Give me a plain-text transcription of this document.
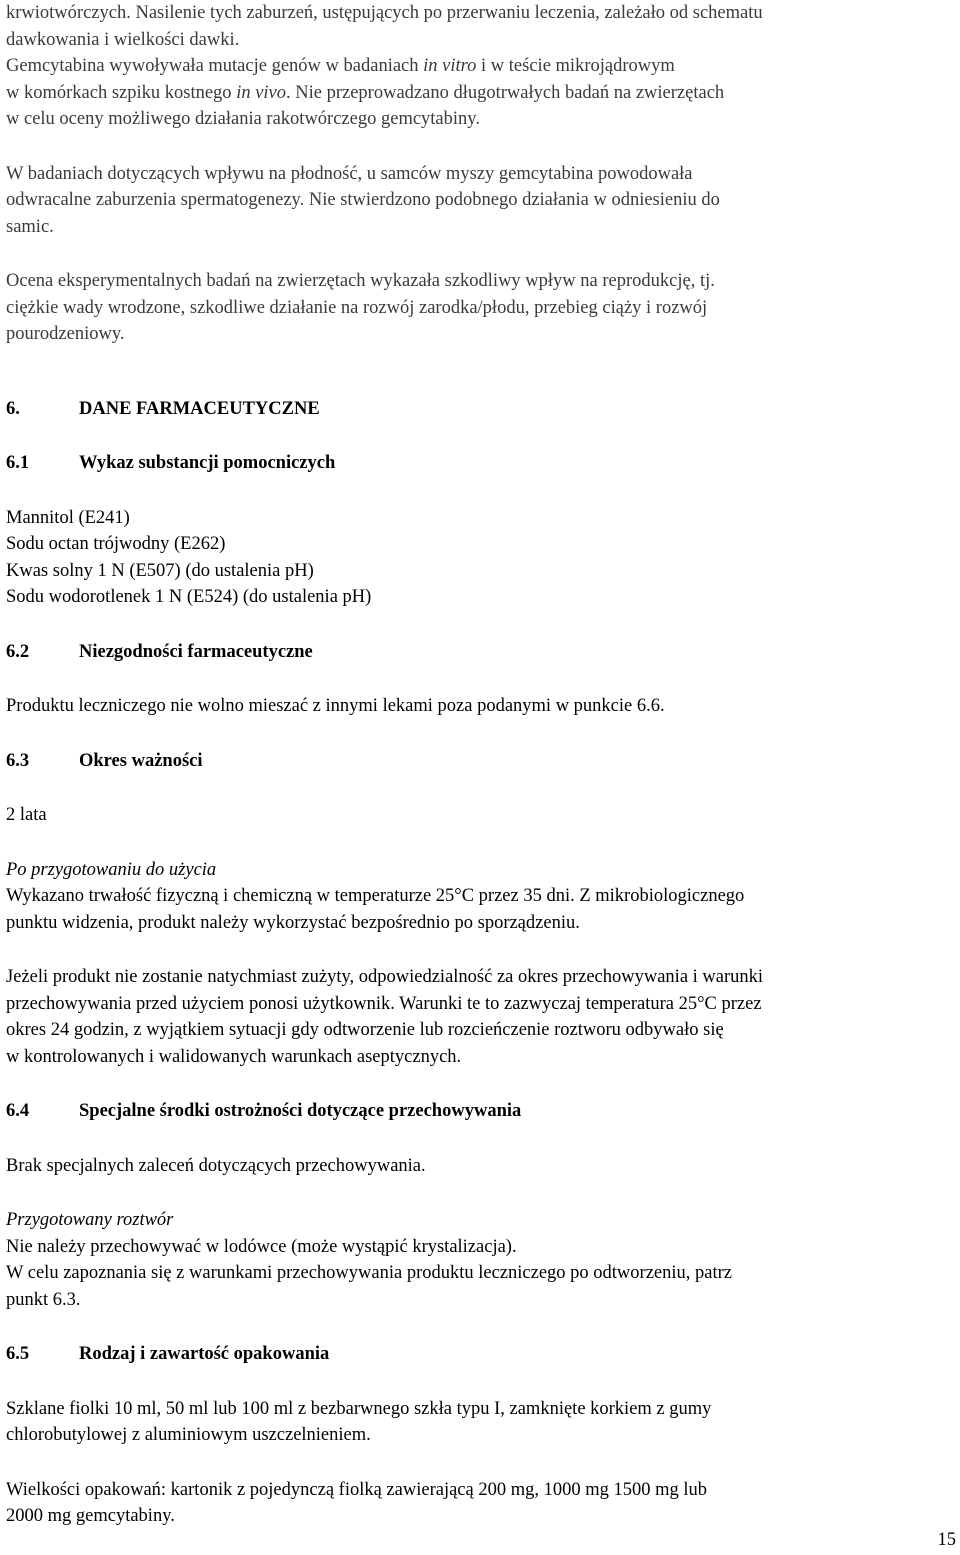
krwiotwórczych. Nasilenie tych zaburzeń, ustępujących po przerwaniu leczenia, zależało od schematu
dawkowania i wielkości dawki.
Gemcytabina wywoływała mutacje genów w badaniach in vitro i w teście mikrojądrowym
w komórkach szpiku kostnego in vivo. Nie przeprowadzano długotrwałych badań na zwierzętach
w celu oceny możliwego działania rakotwórczego gemcytabiny.

W badaniach dotyczących wpływu na płodność, u samców myszy gemcytabina powodowała
odwracalne zaburzenia spermatogenezy. Nie stwierdzono podobnego działania w odniesieniu do
samic.

Ocena eksperymentalnych badań na zwierzętach wykazała szkodliwy wpływ na reprodukcję, tj.
ciężkie wady wrodzone, szkodliwe działanie na rozwój zarodka/płodu, przebieg ciąży i rozwój
pourodzeniowy.

6.	DANE FARMACEUTYCZNE
6.1	Wykaz substancji pomocniczych

Mannitol (E241)
Sodu octan trójwodny (E262)
Kwas solny 1 N (E507) (do ustalenia pH)
Sodu wodorotlenek 1 N (E524) (do ustalenia pH)

6.2	Niezgodności farmaceutyczne

Produktu leczniczego nie wolno mieszać z innymi lekami poza podanymi w punkcie 6.6.

6.3	Okres ważności

2 lata

Po przygotowaniu do użycia
Wykazano trwałość fizyczną i chemiczną w temperaturze 25°C przez 35 dni. Z mikrobiologicznego
punktu widzenia, produkt należy wykorzystać bezpośrednio po sporządzeniu.

Jeżeli produkt nie zostanie natychmiast zużyty, odpowiedzialność za okres przechowywania i warunki
przechowywania przed użyciem ponosi użytkownik. Warunki te to zazwyczaj temperatura 25°C przez
okres 24 godzin, z wyjątkiem sytuacji gdy odtworzenie lub rozcieńczenie roztworu odbywało się
w kontrolowanych i walidowanych warunkach aseptycznych.

6.4	Specjalne środki ostrożności dotyczące przechowywania

Brak specjalnych zaleceń dotyczących przechowywania.

Przygotowany roztwór
Nie należy przechowywać w lodówce (może wystąpić krystalizacja).
W celu zapoznania się z warunkami przechowywania produktu leczniczego po odtworzeniu, patrz
punkt 6.3.

6.5	Rodzaj i zawartość opakowania

Szklane fiolki 10 ml, 50 ml lub 100 ml z bezbarwnego szkła typu I, zamknięte korkiem z gumy
chlorobutylowej z aluminiowym uszczelnieniem.

Wielkości opakowań: kartonik z pojedynczą fiolką zawierającą 200 mg, 1000 mg 1500 mg lub
2000 mg gemcytabiny.

15
